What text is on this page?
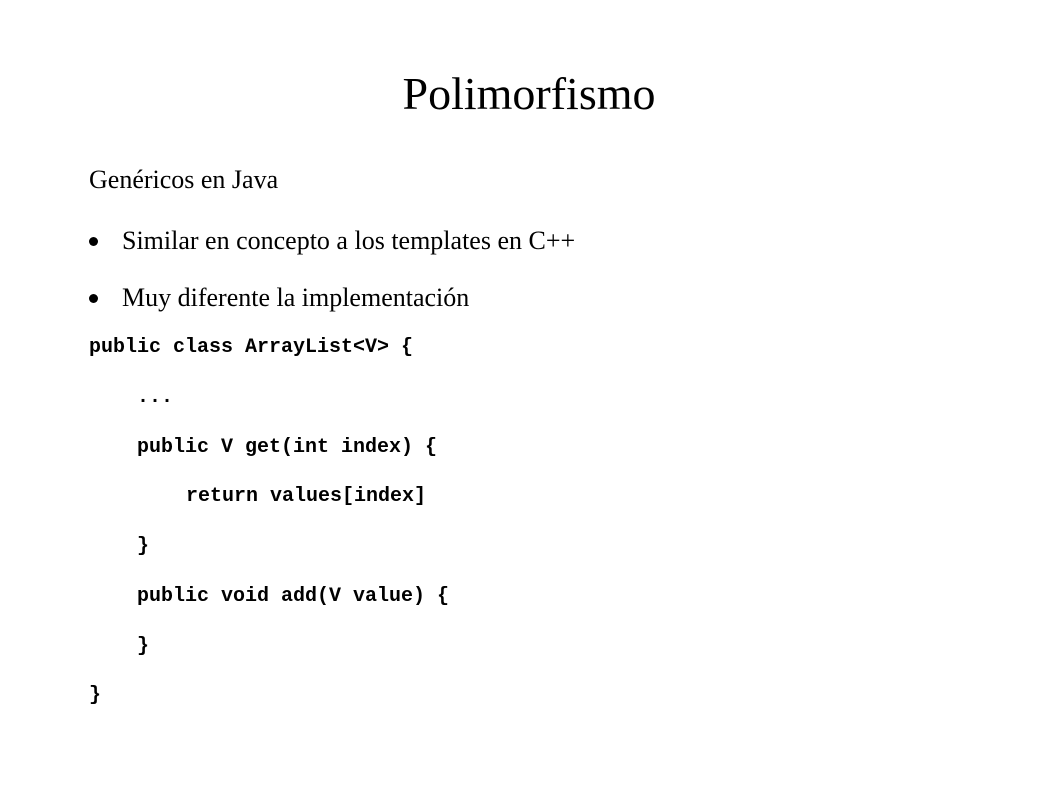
Polimorfismo
Genéricos en Java
Similar en concepto a los templates en C++
Muy diferente la implementación
public class ArrayList<V> {
...
public V get(int index) {
return values[index]
}
public void add(V value) {
}
}
